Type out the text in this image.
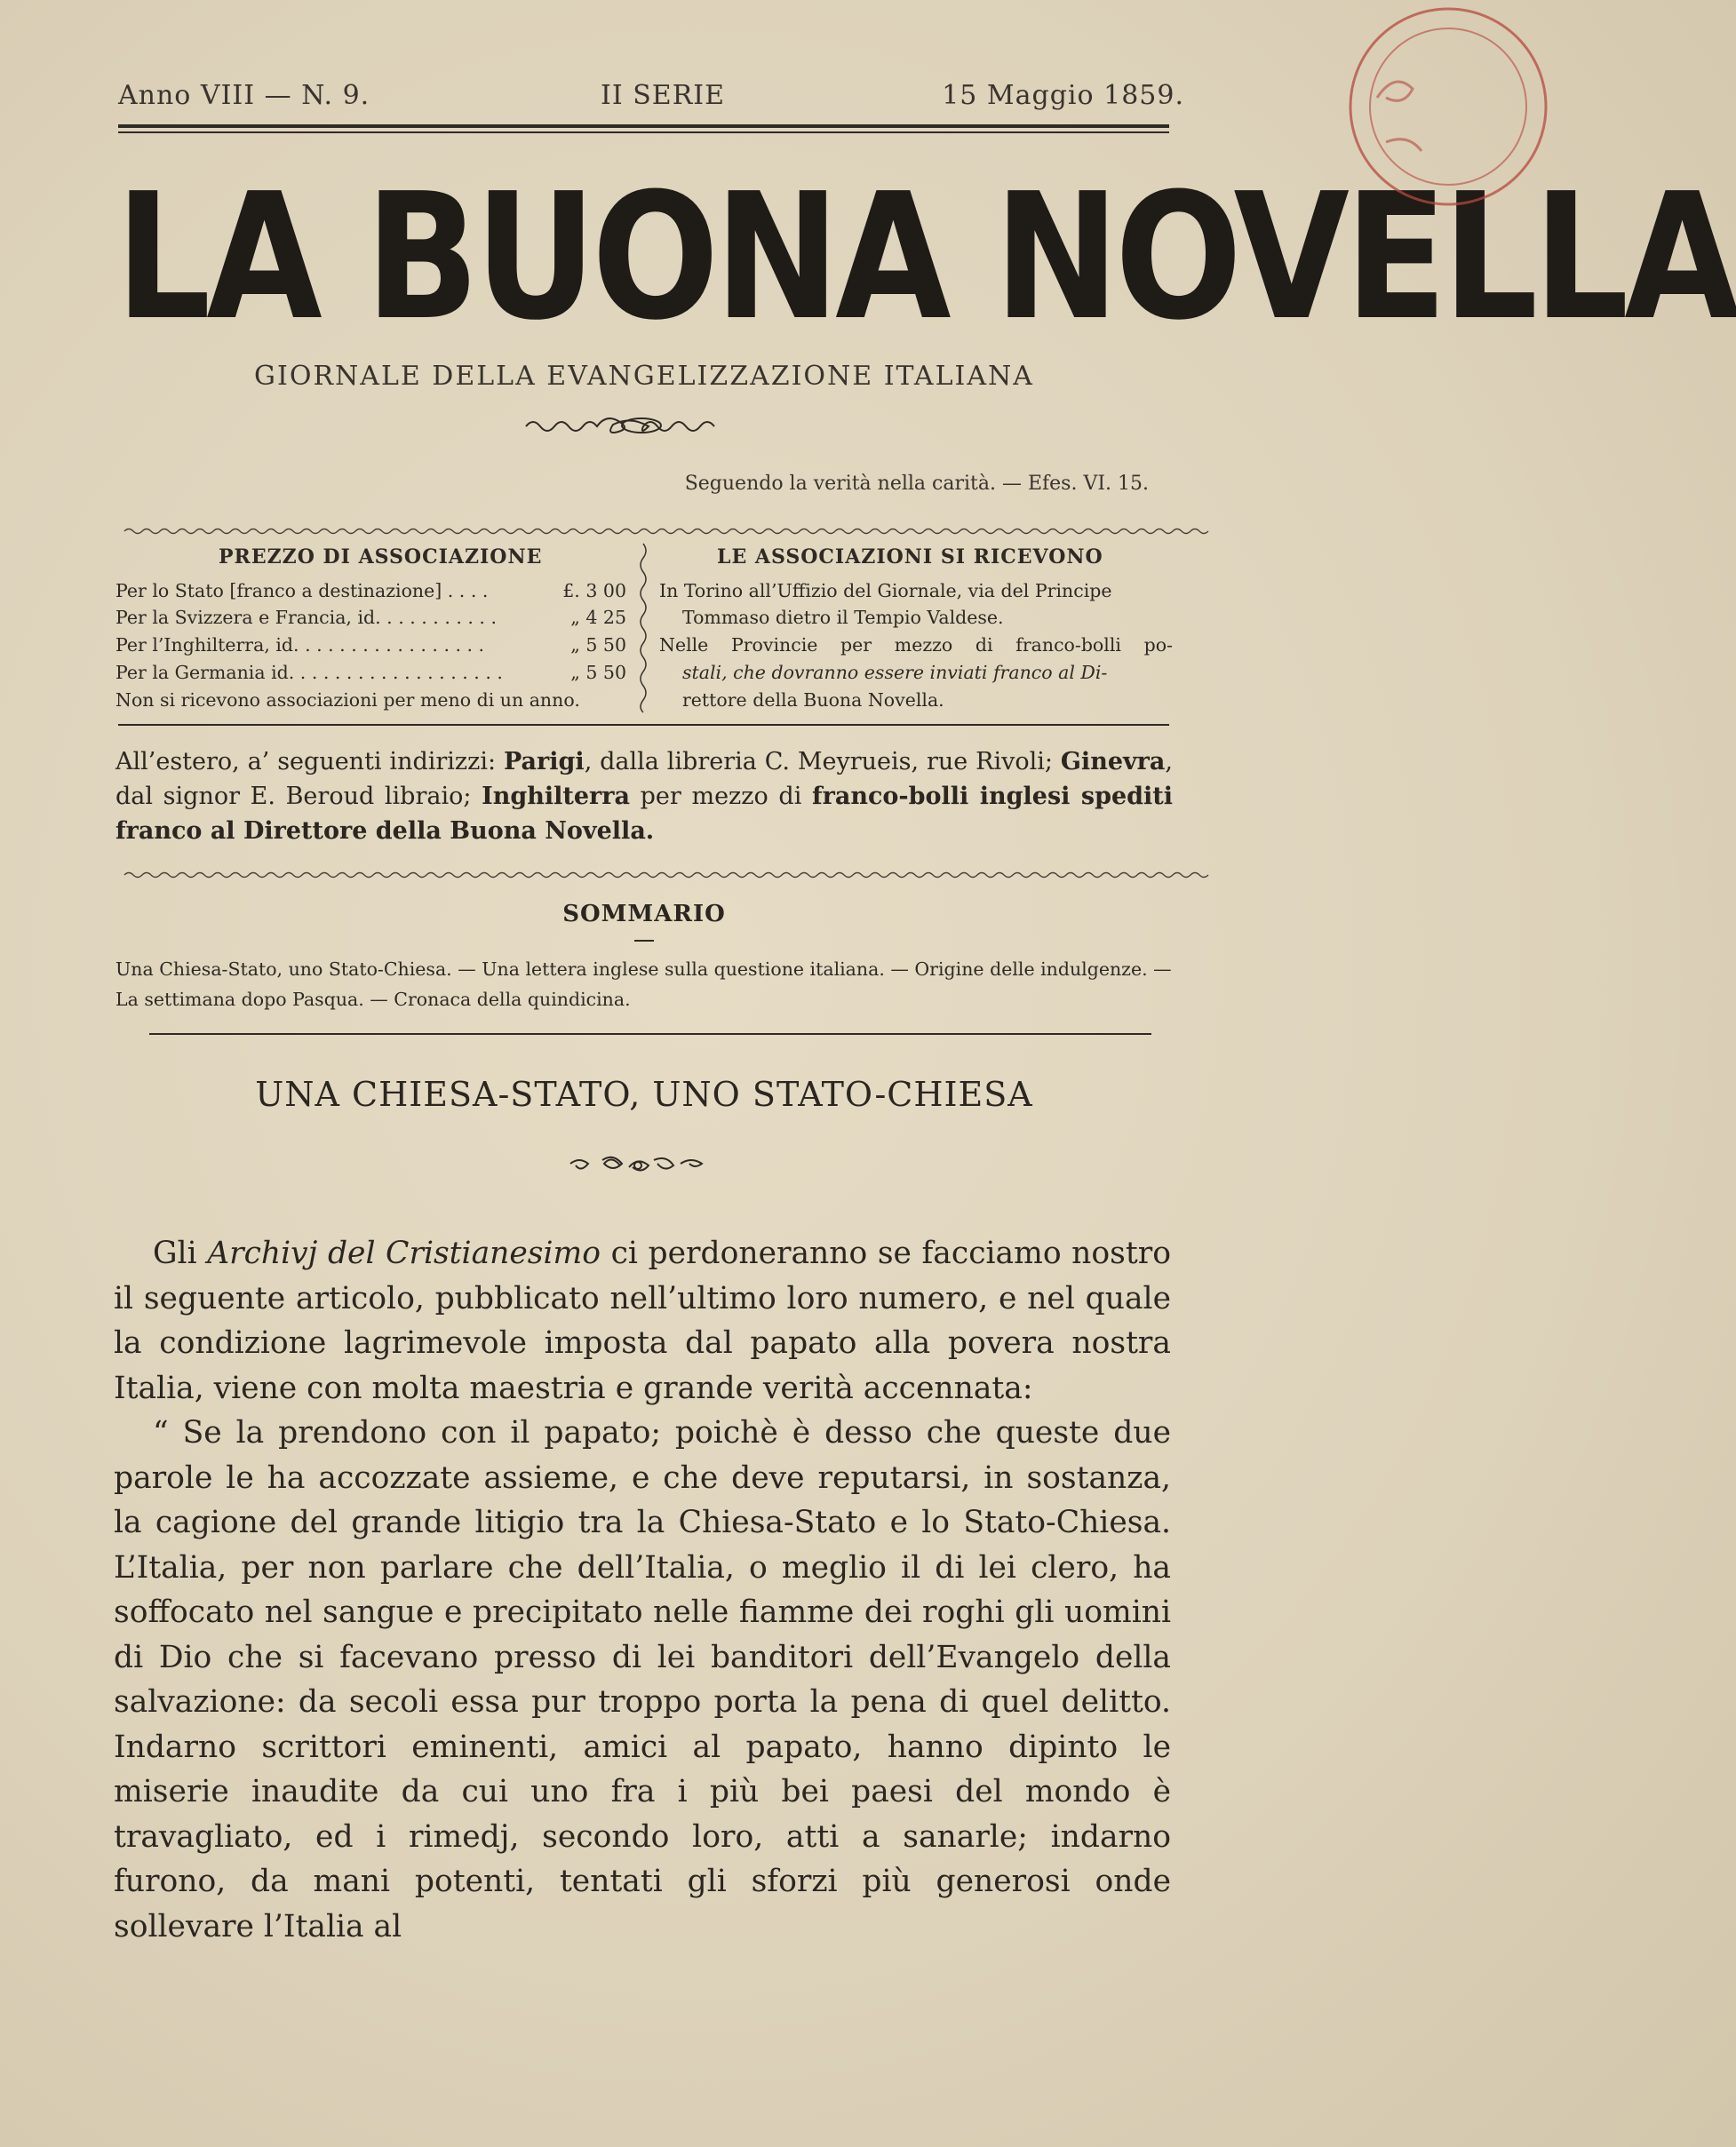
Anno VIII — N. 9.	II SERIE	15 Maggio 1859.
LA BUONA NOVELLA
GIORNALE DELLA EVANGELIZZAZIONE ITALIANA
Seguendo la verità nella carità. — Efes. VI. 15.
PREZZO DI ASSOCIAZIONE
Per lo Stato [franco a destinazione] . . . .	£. 3 00
Per la Svizzera e Francia, id. . . . . . . . . . .	„ 4 25
Per l’Inghilterra, id. . . . . . . . . . . . . . . . .	„ 5 50
Per la Germania id. . . . . . . . . . . . . . . . . . .	„ 5 50
Non si ricevono associazioni per meno di un anno.
LE ASSOCIAZIONI SI RICEVONO
In Torino all’Uffizio del Giornale, via del Principe
Tommaso dietro il Tempio Valdese.
Nelle Provincie per mezzo di franco-bolli po-
stali, che dovranno essere inviati franco al Di-
rettore della Buona Novella.
All’estero, a’ seguenti indirizzi: Parigi, dalla libreria C. Meyrueis, rue Rivoli; Ginevra, dal signor E. Beroud libraio; Inghilterra per mezzo di franco-bolli inglesi spediti franco al Direttore della Buona Novella.
SOMMARIO
Una Chiesa-Stato, uno Stato-Chiesa. — Una lettera inglese sulla questione italiana. — Origine delle indulgenze. — La settimana dopo Pasqua. — Cronaca della quindicina.
UNA CHIESA-STATO, UNO STATO-CHIESA

Gli Archivj del Cristianesimo ci perdoneranno se facciamo nostro il seguente articolo, pubblicato nell’ultimo loro numero, e nel quale la condizione lagrimevole imposta dal papato alla povera nostra Italia, viene con molta maestria e grande verità accennata:

“ Se la prendono con il papato; poichè è desso che queste due parole le ha accozzate assieme, e che deve reputarsi, in sostanza, la cagione del grande litigio tra la Chiesa-Stato e lo Stato-Chiesa. L’Italia, per non parlare che dell’Italia, o meglio il di lei clero, ha soffocato nel sangue e precipitato nelle fiamme dei roghi gli uomini di Dio che si facevano presso di lei banditori dell’Evangelo della salvazione: da secoli essa pur troppo porta la pena di quel delitto. Indarno scrittori eminenti, amici al papato, hanno dipinto le miserie inaudite da cui uno fra i più bei paesi del mondo è travagliato, ed i rimedj, secondo loro, atti a sanarle; indarno furono, da mani potenti, tentati gli sforzi più generosi onde sollevare l’Italia al
